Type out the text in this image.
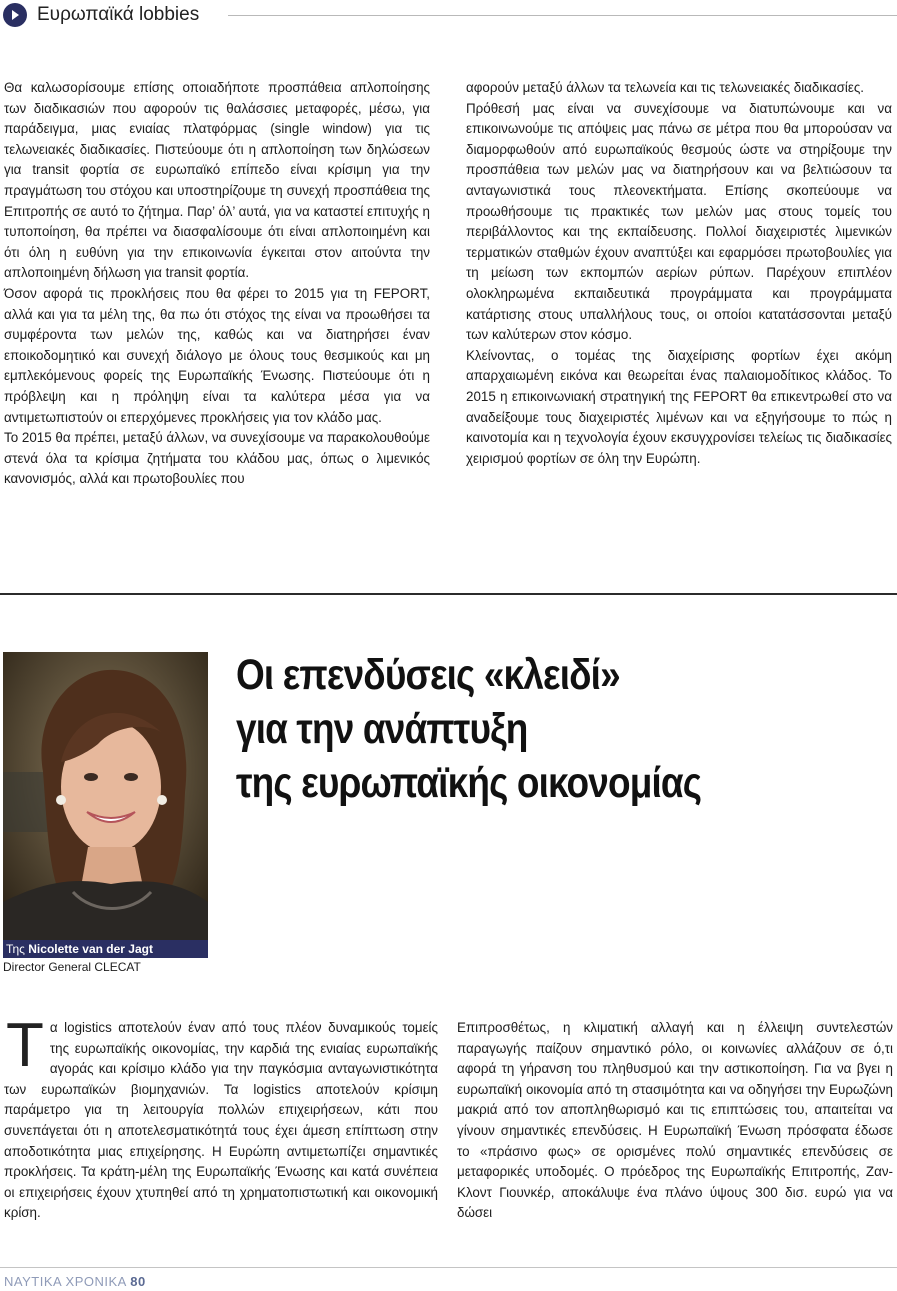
Ευρωπαϊκά lobbies

Θα καλωσορίσουμε επίσης οποιαδήποτε προσπάθεια απλοποίησης των διαδικασιών που αφορούν τις θαλάσσιες μεταφορές, μέσω, για παράδειγμα, μιας ενιαίας πλατφόρμας (single window) για τις τελωνειακές διαδικασίες. Πιστεύουμε ότι η απλοποίηση των δηλώσεων για transit φορτία σε ευρωπαϊκό επίπεδο είναι κρίσιμη για την πραγμάτωση του στόχου και υποστηρίζουμε τη συνεχή προσπάθεια της Επιτροπής σε αυτό το ζήτημα. Παρ’ όλ’ αυτά, για να καταστεί επιτυχής η τυποποίηση, θα πρέπει να διασφαλίσουμε ότι είναι απλοποιημένη και ότι όλη η ευθύνη για την επικοινωνία έγκειται στον αιτούντα την απλοποιημένη δήλωση για transit φορτία.

Όσον αφορά τις προκλήσεις που θα φέρει το 2015 για τη FEPORT, αλλά και για τα μέλη της, θα πω ότι στόχος της είναι να προωθήσει τα συμφέροντα των μελών της, καθώς και να διατηρήσει έναν εποικοδομητικό και συνεχή διάλογο με όλους τους θεσμικούς και μη εμπλεκόμενους φορείς της Ευρωπαϊκής Ένωσης. Πιστεύουμε ότι η πρόβλεψη και η πρόληψη είναι τα καλύτερα μέσα για να αντιμετωπιστούν οι επερχόμενες προκλήσεις για τον κλάδο μας.

Το 2015 θα πρέπει, μεταξύ άλλων, να συνεχίσουμε να παρακολουθούμε στενά όλα τα κρίσιμα ζητήματα του κλάδου μας, όπως ο λιμενικός κανονισμός, αλλά και πρωτοβουλίες που

αφορούν μεταξύ άλλων τα τελωνεία και τις τελωνειακές διαδικασίες.

Πρόθεσή μας είναι να συνεχίσουμε να διατυπώνουμε και να επικοινωνούμε τις απόψεις μας πάνω σε μέτρα που θα μπορούσαν να διαμορφωθούν από ευρωπαϊκούς θεσμούς ώστε να στηρίξουμε την προσπάθεια των μελών μας να διατηρήσουν και να βελτιώσουν τα ανταγωνιστικά τους πλεονεκτήματα. Επίσης σκοπεύουμε να προωθήσουμε τις πρακτικές των μελών μας στους τομείς του περιβάλλοντος και της εκπαίδευσης. Πολλοί διαχειριστές λιμενικών τερματικών σταθμών έχουν αναπτύξει και εφαρμόσει πρωτοβουλίες για τη μείωση των εκπομπών αερίων ρύπων. Παρέχουν επιπλέον ολοκληρωμένα εκπαιδευτικά προγράμματα και προγράμματα κατάρτισης στους υπαλλήλους τους, οι οποίοι κατατάσσονται μεταξύ των καλύτερων στον κόσμο.

Κλείνοντας, ο τομέας της διαχείρισης φορτίων έχει ακόμη απαρχαιωμένη εικόνα και θεωρείται ένας παλαιομοδίτικος κλάδος. Το 2015 η επικοινωνιακή στρατηγική της FEPORT θα επικεντρωθεί στο να αναδείξουμε τους διαχειριστές λιμένων και να εξηγήσουμε το πώς η καινοτομία και η τεχνολογία έχουν εκσυγχρονίσει τελείως τις διαδικασίες χειρισμού φορτίων σε όλη την Ευρώπη.

Της Nicolette van der Jagt
Director General CLECAT
Οι επενδύσεις «κλειδί»
για την ανάπτυξη
της ευρωπαϊκής οικονομίας

Τα logistics αποτελούν έναν από τους πλέον δυναμικούς τομείς της ευρωπαϊκής οικονομίας, την καρδιά της ενιαίας ευρωπαϊκής αγοράς και κρίσιμο κλάδο για την παγκόσμια ανταγωνιστικότητα των ευρωπαϊκών βιομηχανιών. Τα logistics αποτελούν κρίσιμη παράμετρο για τη λειτουργία πολλών επιχειρήσεων, κάτι που συνεπάγεται ότι η αποτελεσματικότητά τους έχει άμεση επίπτωση στην αποδοτικότητα μιας επιχείρησης. Η Ευρώπη αντιμετωπίζει σημαντικές προκλήσεις. Τα κράτη-μέλη της Ευρωπαϊκής Ένωσης και κατά συνέπεια οι επιχειρήσεις έχουν χτυπηθεί από τη χρηματοπιστωτική και οικονομική κρίση.

Επιπροσθέτως, η κλιματική αλλαγή και η έλλειψη συντελεστών παραγωγής παίζουν σημαντικό ρόλο, οι κοινωνίες αλλάζουν σε ό,τι αφορά τη γήρανση του πληθυσμού και την αστικοποίηση. Για να βγει η ευρωπαϊκή οικονομία από τη στασιμότητα και να οδηγήσει την Ευρωζώνη μακριά από τον αποπληθωρισμό και τις επιπτώσεις του, απαιτείται να γίνουν σημαντικές επενδύσεις. Η Ευρωπαϊκή Ένωση πρόσφατα έδωσε το «πράσινο φως» σε ορισμένες πολύ σημαντικές επενδύσεις σε μεταφορικές υποδομές. Ο πρόεδρος της Ευρωπαϊκής Επιτροπής, Ζαν-Κλοντ Γιουνκέρ, αποκάλυψε ένα πλάνο ύψους 300 δισ. ευρώ για να δώσει

ΝΑΥΤΙΚΑ ΧΡΟΝΙΚΑ 80
